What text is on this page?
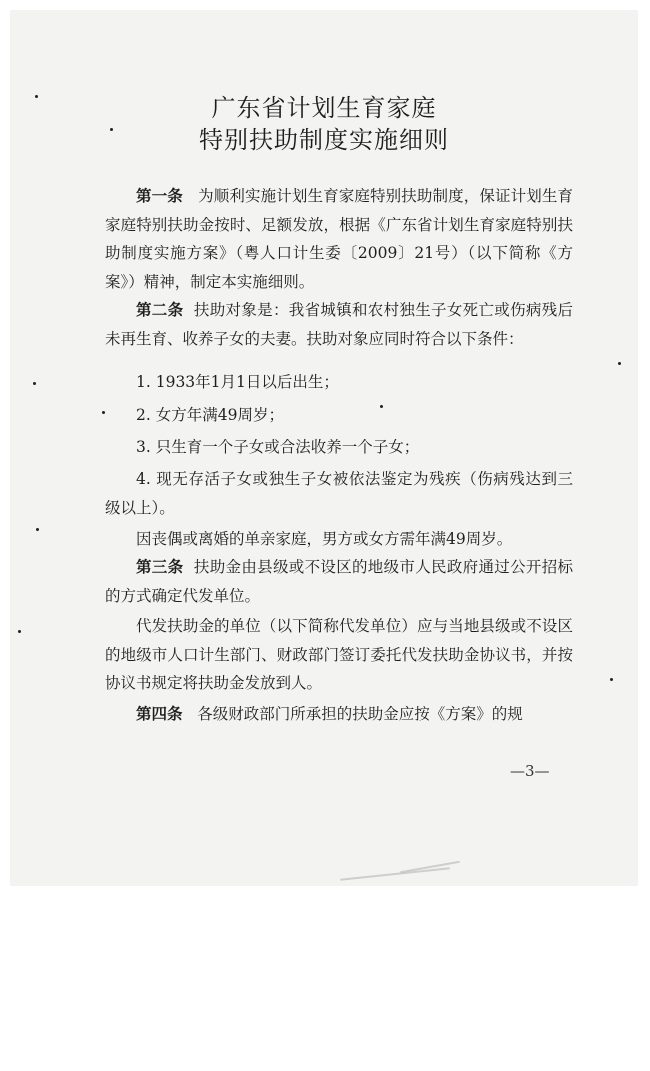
广东省计划生育家庭
特别扶助制度实施细则
第一条 为顺利实施计划生育家庭特别扶助制度，保证计划生育家庭特别扶助金按时、足额发放，根据《广东省计划生育家庭特别扶助制度实施方案》（粤人口计生委〔2009〕21号）（以下简称《方案》）精神，制定本实施细则。
第二条 扶助对象是：我省城镇和农村独生子女死亡或伤病残后未再生育、收养子女的夫妻。扶助对象应同时符合以下条件：
1. 1933年1月1日以后出生；
2. 女方年满49周岁；
3. 只生育一个子女或合法收养一个子女；
4. 现无存活子女或独生子女被依法鉴定为残疾（伤病残达到三级以上）。
因丧偶或离婚的单亲家庭，男方或女方需年满49周岁。
第三条 扶助金由县级或不设区的地级市人民政府通过公开招标的方式确定代发单位。
代发扶助金的单位（以下简称代发单位）应与当地县级或不设区的地级市人口计生部门、财政部门签订委托代发扶助金协议书，并按协议书规定将扶助金发放到人。
第四条 各级财政部门所承担的扶助金应按《方案》的规
—3—
